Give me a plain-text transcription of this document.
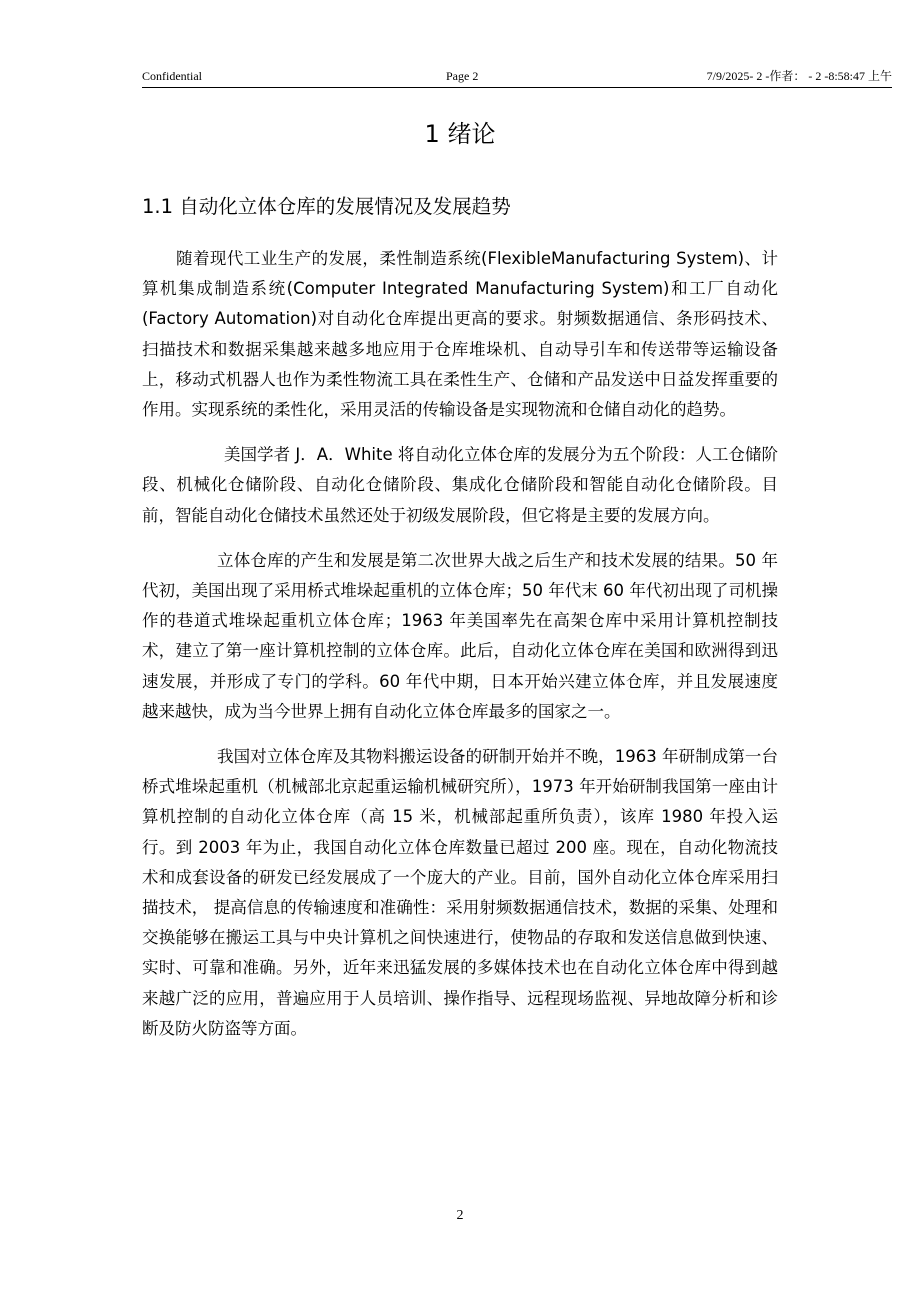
Confidential	Page 2	7/9/2025- 2 -作者： - 2 -8:58:47 上午
1 绪论
1.1 自动化立体仓库的发展情况及发展趋势

随着现代工业生产的发展，柔性制造系统(FlexibleManufacturing System)、计算机集成制造系统(Computer Integrated Manufacturing System)和工厂自动化(Factory Automation)对自动化仓库提出更高的要求。射频数据通信、条形码技术、扫描技术和数据采集越来越多地应用于仓库堆垛机、自动导引车和传送带等运输设备上，移动式机器人也作为柔性物流工具在柔性生产、仓储和产品发送中日益发挥重要的作用。实现系统的柔性化，采用灵活的传输设备是实现物流和仓储自动化的趋势。

美国学者 J．A．White 将自动化立体仓库的发展分为五个阶段：人工仓储阶段、机械化仓储阶段、自动化仓储阶段、集成化仓储阶段和智能自动化仓储阶段。目前，智能自动化仓储技术虽然还处于初级发展阶段，但它将是主要的发展方向。

立体仓库的产生和发展是第二次世界大战之后生产和技术发展的结果。50 年代初，美国出现了采用桥式堆垛起重机的立体仓库；50 年代末 60 年代初出现了司机操作的巷道式堆垛起重机立体仓库；1963 年美国率先在高架仓库中采用计算机控制技术，建立了第一座计算机控制的立体仓库。此后，自动化立体仓库在美国和欧洲得到迅速发展，并形成了专门的学科。60 年代中期，日本开始兴建立体仓库，并且发展速度越来越快，成为当今世界上拥有自动化立体仓库最多的国家之一。

我国对立体仓库及其物料搬运设备的研制开始并不晚，1963 年研制成第一台桥式堆垛起重机（机械部北京起重运输机械研究所），1973 年开始研制我国第一座由计算机控制的自动化立体仓库（高 15 米，机械部起重所负责），该库 1980 年投入运行。到 2003 年为止，我国自动化立体仓库数量已超过 200 座。现在，自动化物流技术和成套设备的研发已经发展成了一个庞大的产业。目前，国外自动化立体仓库采用扫描技术， 提高信息的传输速度和准确性：采用射频数据通信技术，数据的采集、处理和交换能够在搬运工具与中央计算机之间快速进行，使物品的存取和发送信息做到快速、实时、可靠和准确。另外，近年来迅猛发展的多媒体技术也在自动化立体仓库中得到越来越广泛的应用，普遍应用于人员培训、操作指导、远程现场监视、异地故障分析和诊断及防火防盗等方面。

2
